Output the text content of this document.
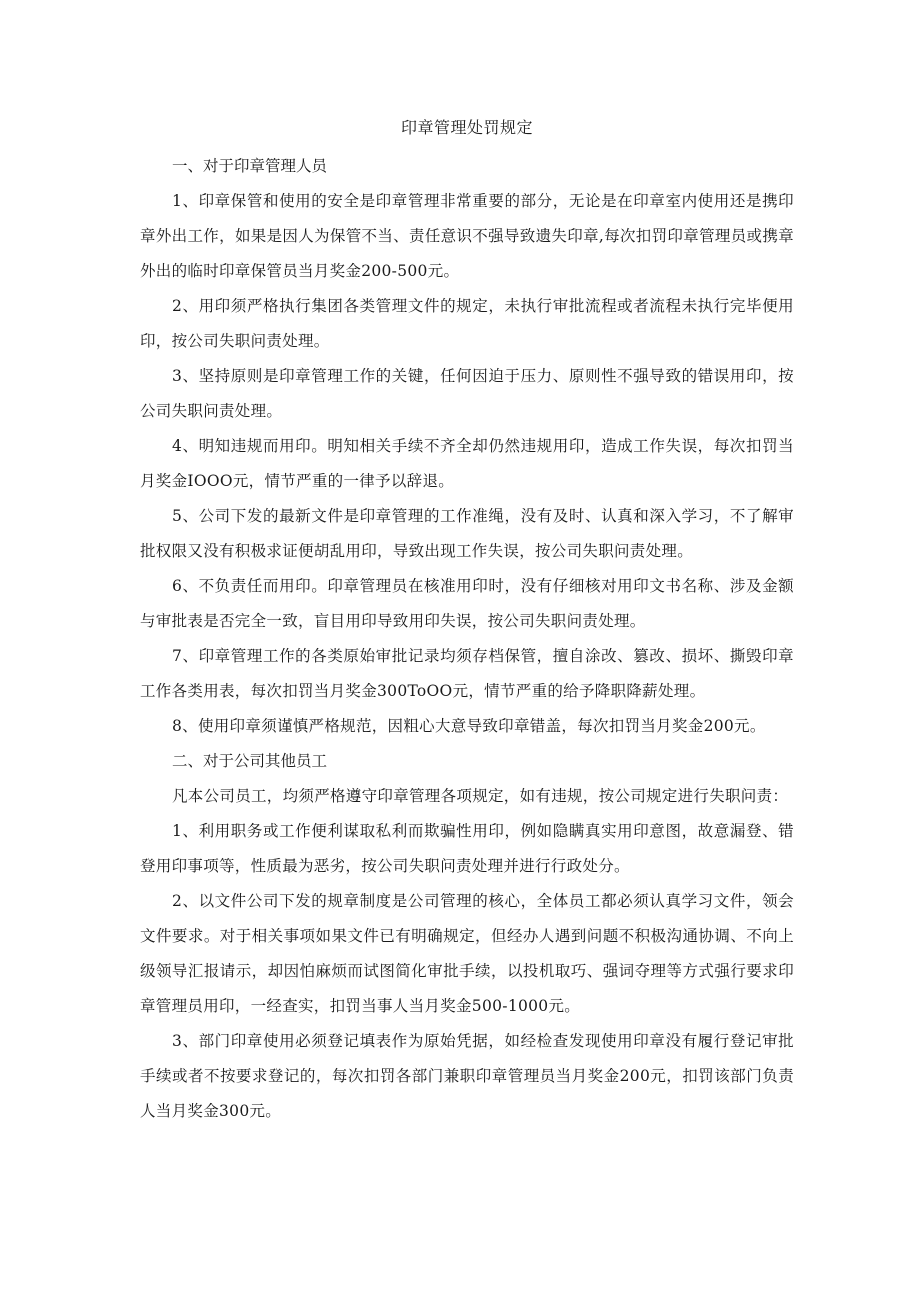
印章管理处罚规定

一、对于印章管理人员

1、印章保管和使用的安全是印章管理非常重要的部分，无论是在印章室内使用还是携印章外出工作，如果是因人为保管不当、责任意识不强导致遗失印章,每次扣罚印章管理员或携章外出的临时印章保管员当月奖金200-500元。

2、用印须严格执行集团各类管理文件的规定，未执行审批流程或者流程未执行完毕便用印，按公司失职问责处理。

3、坚持原则是印章管理工作的关键，任何因迫于压力、原则性不强导致的错误用印，按公司失职问责处理。

4、明知违规而用印。明知相关手续不齐全却仍然违规用印，造成工作失误，每次扣罚当月奖金IOOO元，情节严重的一律予以辞退。

5、公司下发的最新文件是印章管理的工作准绳，没有及时、认真和深入学习，不了解审批权限又没有积极求证便胡乱用印，导致出现工作失误，按公司失职问责处理。

6、不负责任而用印。印章管理员在核准用印时，没有仔细核对用印文书名称、涉及金额与审批表是否完全一致，盲目用印导致用印失误，按公司失职问责处理。

7、印章管理工作的各类原始审批记录均须存档保管，擅自涂改、篡改、损坏、撕毁印章工作各类用表，每次扣罚当月奖金300ToOO元，情节严重的给予降职降薪处理。

8、使用印章须谨慎严格规范，因粗心大意导致印章错盖，每次扣罚当月奖金200元。

二、对于公司其他员工

凡本公司员工，均须严格遵守印章管理各项规定，如有违规，按公司规定进行失职问责：

1、利用职务或工作便利谋取私利而欺骗性用印，例如隐瞒真实用印意图，故意漏登、错登用印事项等，性质最为恶劣，按公司失职问责处理并进行行政处分。

2、以文件公司下发的规章制度是公司管理的核心，全体员工都必须认真学习文件，领会文件要求。对于相关事项如果文件已有明确规定，但经办人遇到问题不积极沟通协调、不向上级领导汇报请示，却因怕麻烦而试图简化审批手续，以投机取巧、强词夺理等方式强行要求印章管理员用印，一经查实，扣罚当事人当月奖金500-1000元。

3、部门印章使用必须登记填表作为原始凭据，如经检查发现使用印章没有履行登记审批手续或者不按要求登记的，每次扣罚各部门兼职印章管理员当月奖金200元，扣罚该部门负责人当月奖金300元。
